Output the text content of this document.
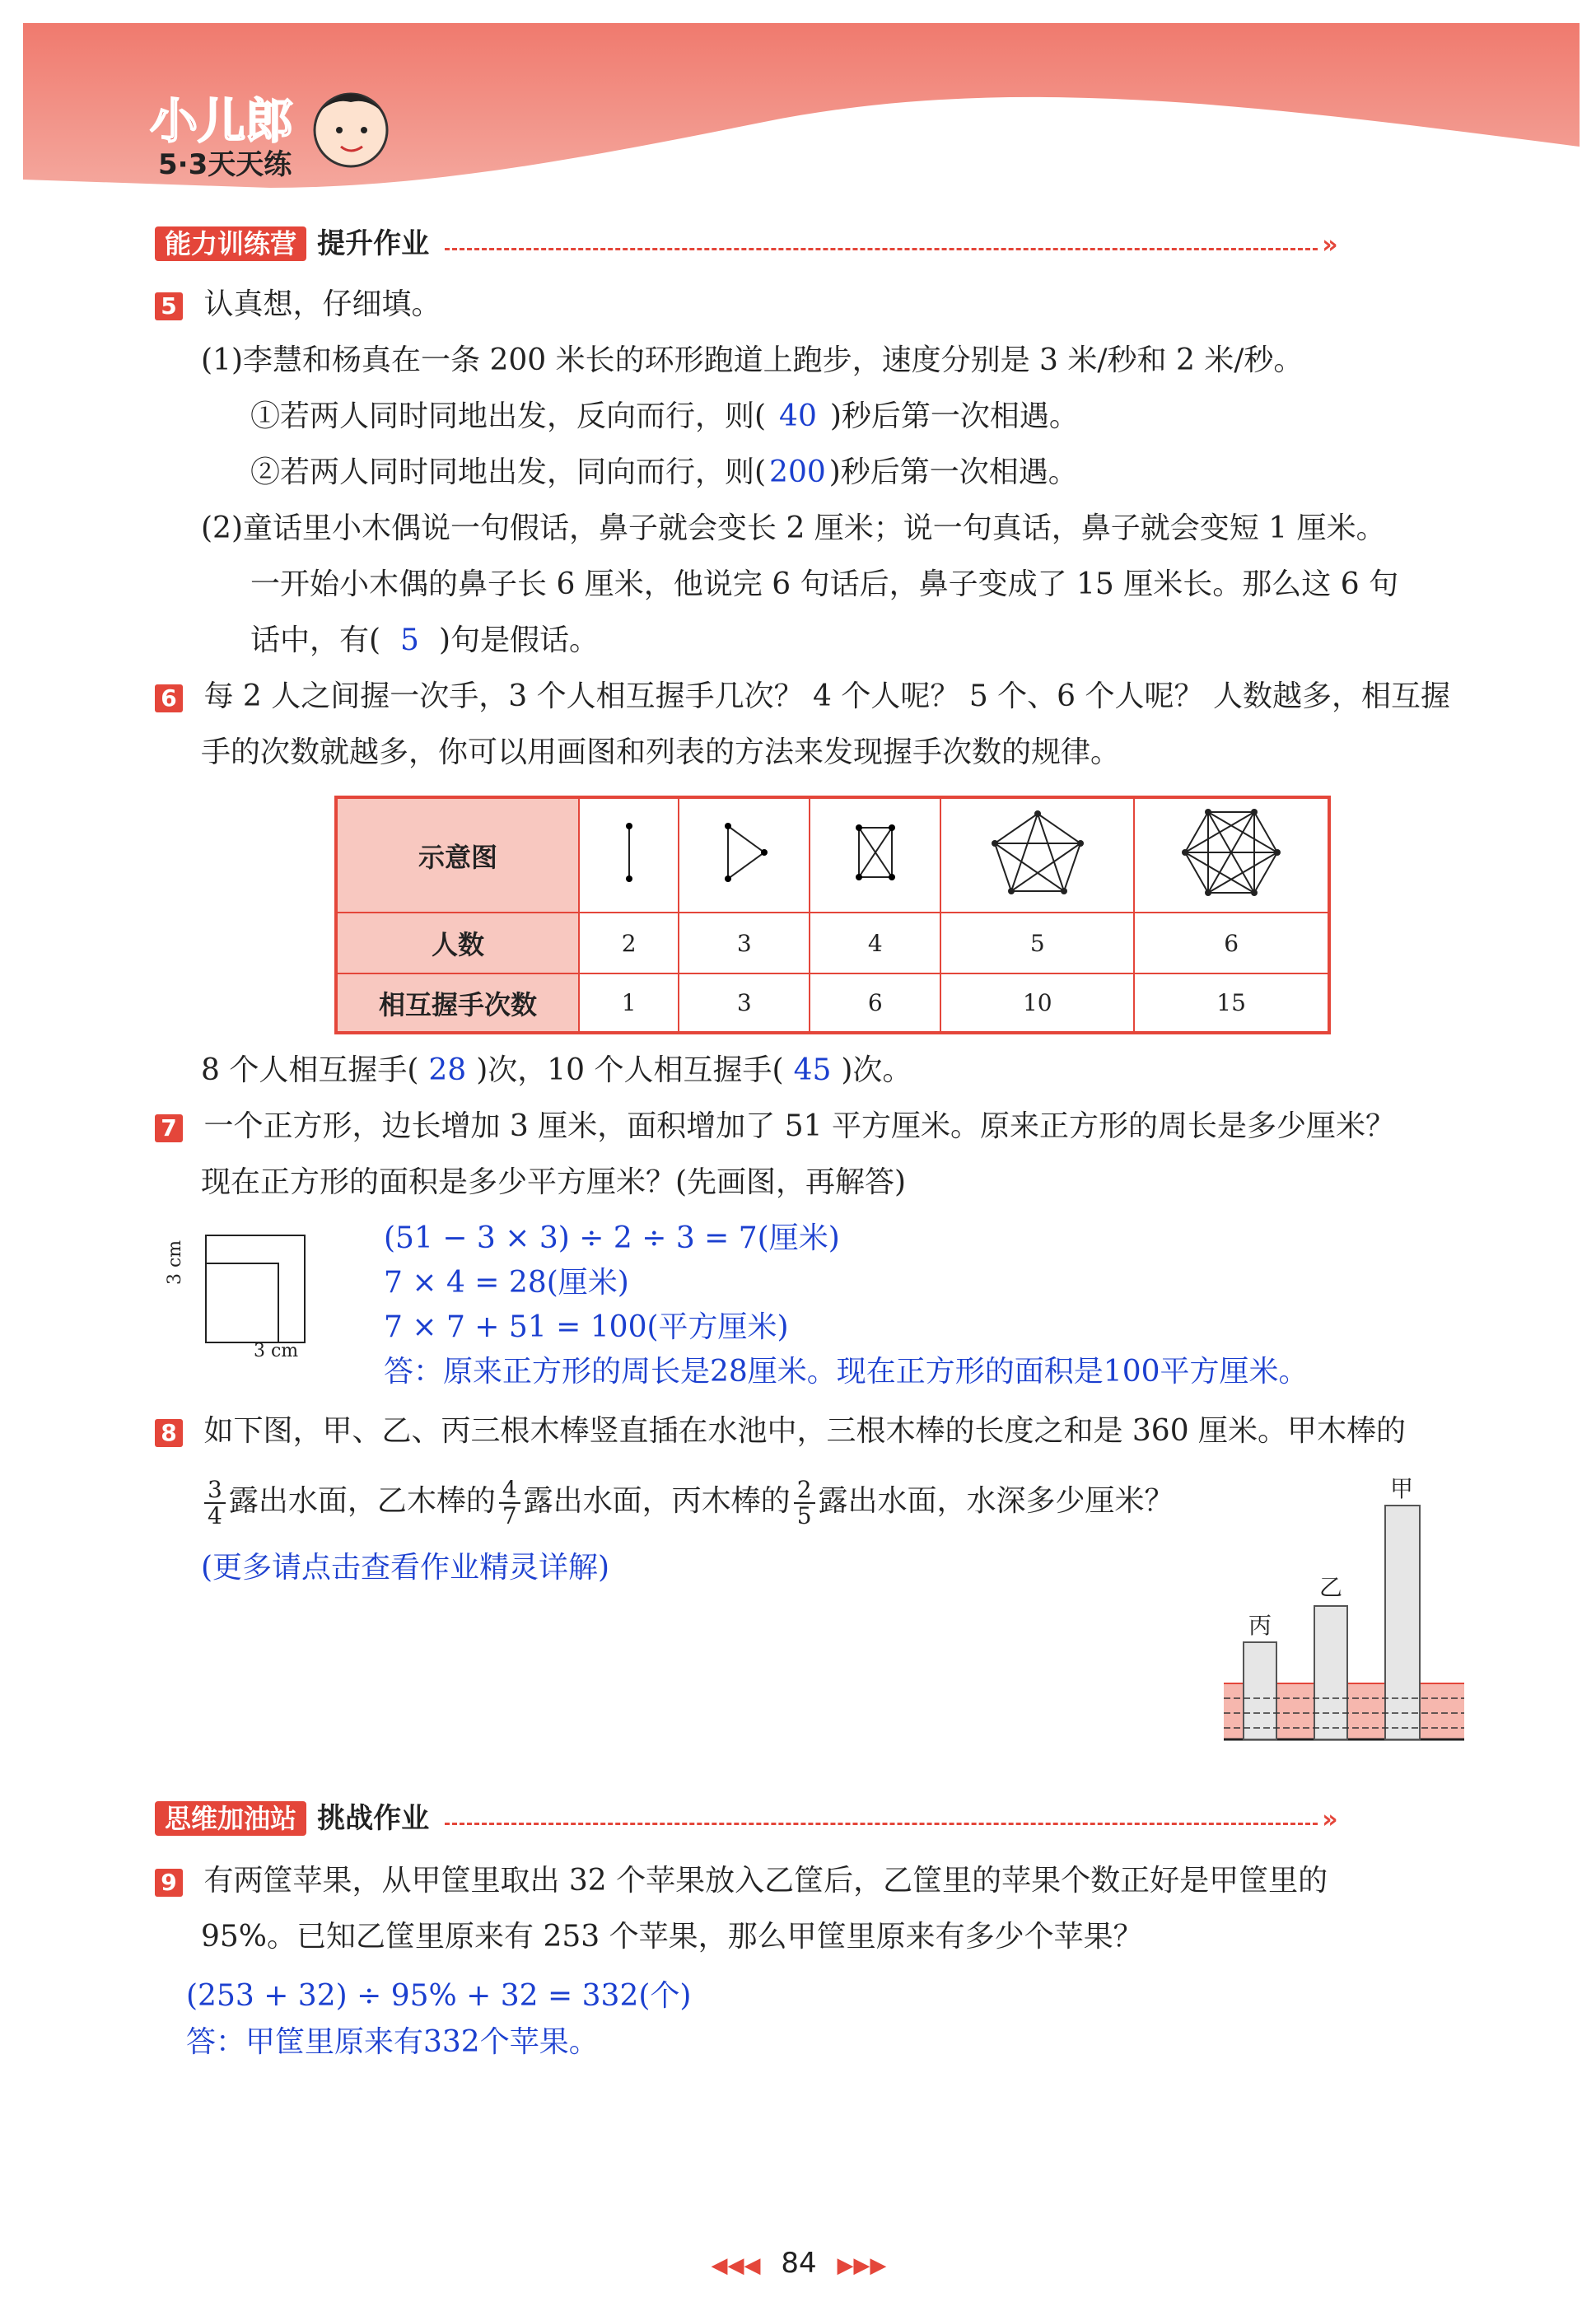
小儿郎
5·3天天练
能力训练营 提升作业	»
5 认真想，仔细填。
(1)李慧和杨真在一条 200 米长的环形跑道上跑步，速度分别是 3 米/秒和 2 米/秒。
①若两人同时同地出发，反向而行，则( 40 )秒后第一次相遇。
②若两人同时同地出发，同向而行，则( 200 )秒后第一次相遇。
(2)童话里小木偶说一句假话，鼻子就会变长 2 厘米；说一句真话，鼻子就会变短 1 厘米。
一开始小木偶的鼻子长 6 厘米，他说完 6 句话后，鼻子变成了 15 厘米长。那么这 6 句
话中，有( 5 )句是假话。
6 每 2 人之间握一次手，3 个人相互握手几次？ 4 个人呢？ 5 个、6 个人呢？ 人数越多，相互握
手的次数就越多，你可以用画图和列表的方法来发现握手次数的规律。
示意图					
人数	2	3	4	5	6
相互握手次数	1	3	6	10	15
8 个人相互握手( 28 )次，10 个人相互握手( 45 )次。
7 一个正方形，边长增加 3 厘米，面积增加了 51 平方厘米。原来正方形的周长是多少厘米？
现在正方形的面积是多少平方厘米？(先画图，再解答)
3 cm
3 cm
(51 − 3 × 3) ÷ 2 ÷ 3 = 7(厘米)
7 × 4 = 28(厘米)
7 × 7 + 51 = 100(平方厘米)
答：原来正方形的周长是28厘米。现在正方形的面积是100平方厘米。
8 如下图，甲、乙、丙三根木棒竖直插在水池中，三根木棒的长度之和是 360 厘米。甲木棒的
$\frac{3}{4}$ 露出水面，乙木棒的 $\frac{4}{7}$ 露出水面，丙木棒的 $\frac{2}{5}$ 露出水面，水深多少厘米？
(更多请点击查看作业精灵详解)
甲
乙
丙
思维加油站 挑战作业	»
9 有两筐苹果，从甲筐里取出 32 个苹果放入乙筐后，乙筐里的苹果个数正好是甲筐里的
95%。已知乙筐里原来有 253 个苹果，那么甲筐里原来有多少个苹果？
(253 + 32) ÷ 95% + 32 = 332(个)
答：甲筐里原来有332个苹果。
◀◀◀ 84 ▶▶▶
